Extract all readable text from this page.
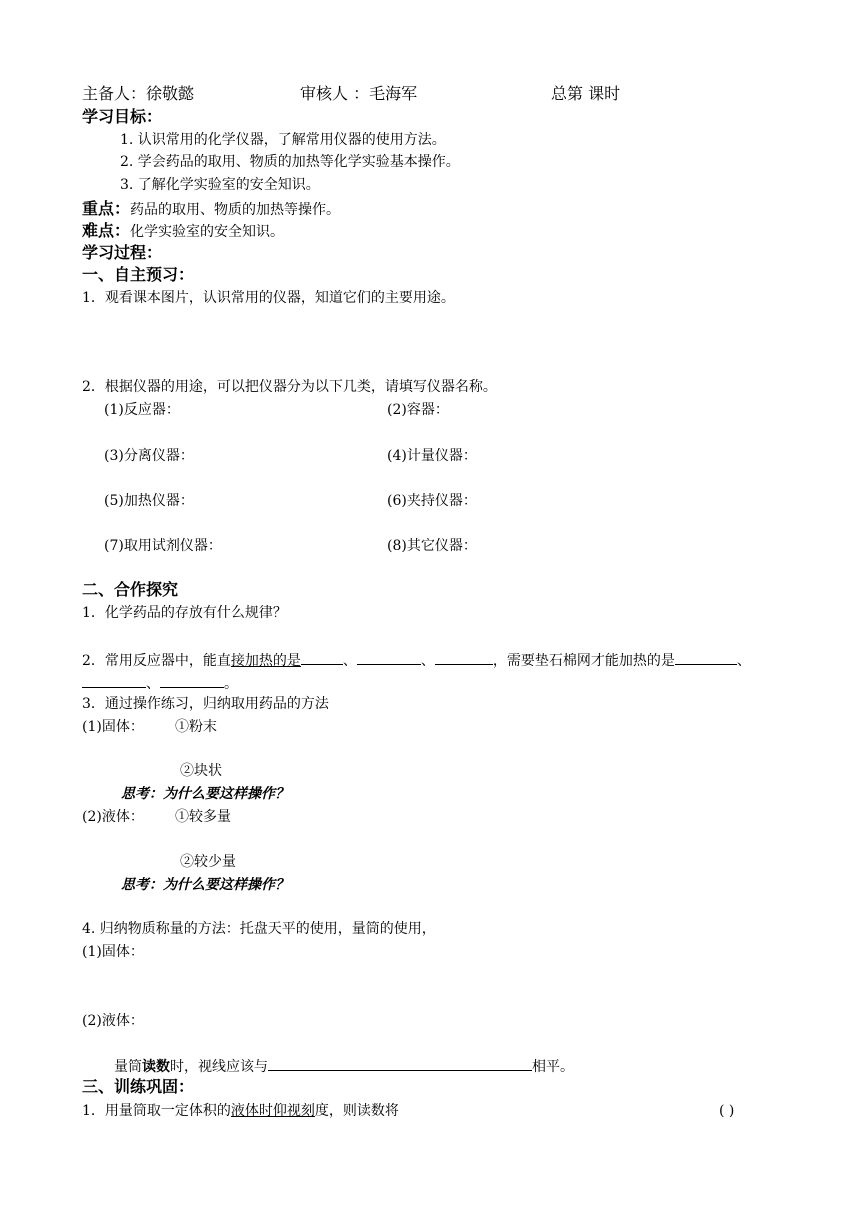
主备人：徐敬懿	审核人 ：毛海军	总第 课时
学习目标：
1. 认识常用的化学仪器，了解常用仪器的使用方法。
2. 学会药品的取用、物质的加热等化学实验基本操作。
3. 了解化学实验室的安全知识。
重点：药品的取用、物质的加热等操作。
难点：化学实验室的安全知识。
学习过程：
一、自主预习：
1．观看课本图片，认识常用的仪器，知道它们的主要用途。
2．根据仪器的用途，可以把仪器分为以下几类，请填写仪器名称。
(1)反应器：	(2)容器：
(3)分离仪器：	(4)计量仪器：
(5)加热仪器：	(6)夹持仪器：
(7)取用试剂仪器：	(8)其它仪器：
二、合作探究
1．化学药品的存放有什么规律？
2．常用反应器中，能直接加热的是	、	、	，需要垫石棉网才能加热的是	、
、	。
3．通过操作练习，归纳取用药品的方法
(1)固体： ①粉末
②块状
思考：为什么要这样操作？
(2)液体： ①较多量
②较少量
思考：为什么要这样操作？
4. 归纳物质称量的方法：托盘天平的使用，量筒的使用，
(1)固体：
(2)液体：
量筒读数时，视线应该与	相平。
三、训练巩固：
1．用量筒取一定体积的液体时仰视刻度，则读数将	( )
